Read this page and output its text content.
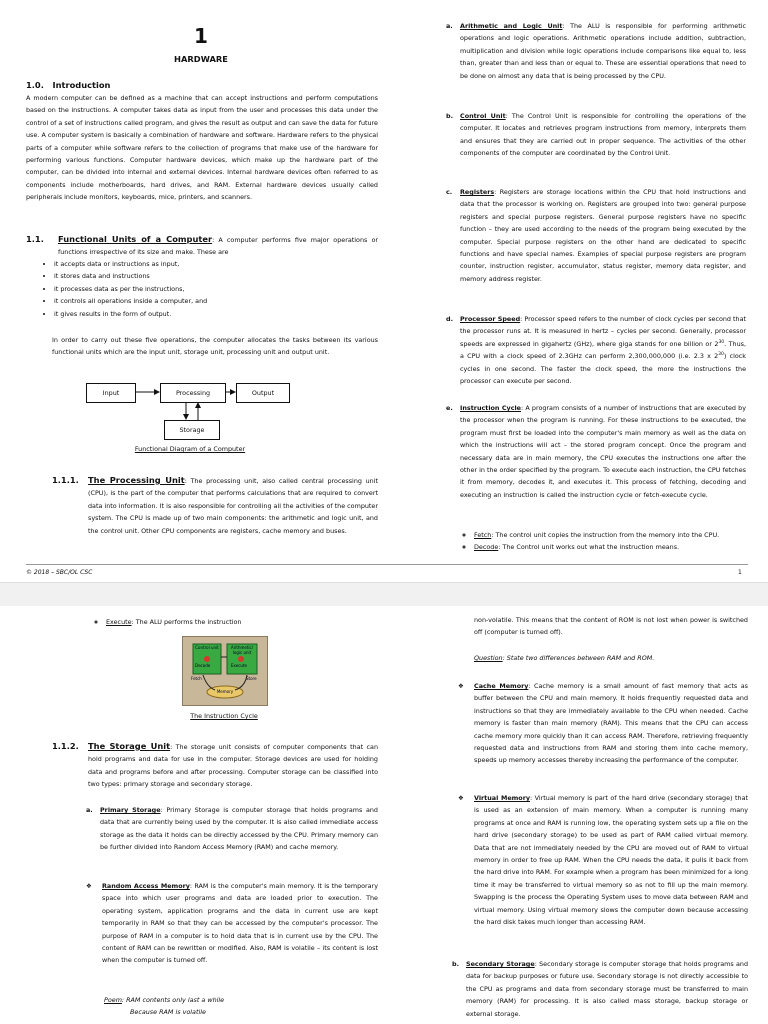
1
HARDWARE
1.0. Introduction
A modern computer can be defined as a machine that can accept instructions and perform computations based on the instructions. A computer takes data as input from the user and processes this data under the control of a set of instructions called program, and gives the result as output and can save the data for future use. A computer system is basically a combination of hardware and software. Hardware refers to the physical parts of a computer while software refers to the collection of programs that make use of the hardware for performing various functions. Computer hardware devices, which make up the hardware part of the computer, can be divided into internal and external devices. Internal hardware devices often referred to as components include motherboards, hard drives, and RAM. External hardware devices usually called peripherals include monitors, keyboards, mice, printers, and scanners.
1.1.	Functional Units of a Computer: A computer performs five major operations or functions irrespective of its size and make. These are
• it accepts data or instructions as input,
• it stores data and instructions
• it processes data as per the instructions,
• it controls all operations inside a computer, and
• it gives results in the form of output.
In order to carry out these five operations, the computer allocates the tasks between its various functional units which are the input unit, storage unit, processing unit and output unit.
Input	Processing	Output
Storage
Functional Diagram of a Computer
1.1.1.	The Processing Unit: The processing unit, also called central processing unit (CPU), is the part of the computer that performs calculations that are required to convert data into information. It is also responsible for controlling all the activities of the computer system. The CPU is made up of two main components: the arithmetic and logic unit, and the control unit. Other CPU components are registers, cache memory and buses.
a.	Arithmetic and Logic Unit: The ALU is responsible for performing arithmetic operations and logic operations. Arithmetic operations include addition, subtraction, multiplication and division while logic operations include comparisons like equal to, less than, greater than and less than or equal to. These are essential operations that need to be done on almost any data that is being processed by the CPU.
b.	Control Unit: The Control Unit is responsible for controlling the operations of the computer. It locates and retrieves program instructions from memory, interprets them and ensures that they are carried out in proper sequence. The activities of the other components of the computer are coordinated by the Control Unit.
c.	Registers: Registers are storage locations within the CPU that hold instructions and data that the processor is working on. Registers are grouped into two: general purpose registers and special purpose registers. General purpose registers have no specific function – they are used according to the needs of the program being executed by the computer. Special purpose registers on the other hand are dedicated to specific functions and have special names. Examples of special purpose registers are program counter, instruction register, accumulator, status register, memory data register, and memory address register.
d.	Processor Speed: Processor speed refers to the number of clock cycles per second that the processor runs at. It is measured in hertz – cycles per second. Generally, processor speeds are expressed in gigahertz (GHz), where giga stands for one billion or $2^{30}$. Thus, a CPU with a clock speed of 2.3GHz can perform 2,300,000,000 (i.e. 2.3 x $2^{30}$) clock cycles in one second. The faster the clock speed, the more the instructions the processor can execute per second.
e.	Instruction Cycle: A program consists of a number of instructions that are executed by the processor when the program is running. For these instructions to be executed, the program must first be loaded into the computer's main memory as well as the data on which the instructions will act – the stored program concept. Once the program and necessary data are in main memory, the CPU executes the instructions one after the other in the order specified by the program. To execute each instruction, the CPU fetches it from memory, decodes it, and executes it. This process of fetching, decoding and executing an instruction is called the instruction cycle or fetch-execute cycle.
◦ Fetch: The control unit copies the instruction from the memory into the CPU.
◦ Decode: The Control unit works out what the instruction means.
© 2018 – SBC/OL CSC	1
◦ Execute: The ALU performs the instruction
Control unit	Arithmetic/ logic unit
Decode	Execute
Fetch	Store
Memory
The Instruction Cycle
1.1.2.	The Storage Unit: The storage unit consists of computer components that can hold programs and data for use in the computer. Storage devices are used for holding data and programs before and after processing. Computer storage can be classified into two types: primary storage and secondary storage.
a.	Primary Storage: Primary Storage is computer storage that holds programs and data that are currently being used by the computer. It is also called immediate access storage as the data it holds can be directly accessed by the CPU. Primary memory can be further divided into Random Access Memory (RAM) and cache memory.
❖	Random Access Memory: RAM is the computer's main memory. It is the temporary space into which user programs and data are loaded prior to execution. The operating system, application programs and the data in current use are kept temporarily in RAM so that they can be accessed by the computer's processor. The purpose of RAM in a computer is to hold data that is in current use by the CPU. The content of RAM can be rewritten or modified. Also, RAM is volatile – its content is lost when the computer is turned off.
Poem: RAM contents only last a while
Because RAM is volatile
non-volatile. This means that the content of ROM is not lost when power is switched off (computer is turned off).
Question: State two differences between RAM and ROM.
❖	Cache Memory: Cache memory is a small amount of fast memory that acts as buffer between the CPU and main memory. It holds frequently requested data and instructions so that they are immediately available to the CPU when needed. Cache memory is faster than main memory (RAM). This means that the CPU can access cache memory more quickly than it can access RAM. Therefore, retrieving frequently requested data and instructions from RAM and storing them into cache memory, speeds up memory accesses thereby increasing the performance of the computer.
❖	Virtual Memory: Virtual memory is part of the hard drive (secondary storage) that is used as an extension of main memory. When a computer is running many programs at once and RAM is running low, the operating system sets up a file on the hard drive (secondary storage) to be used as part of RAM called virtual memory. Data that are not immediately needed by the CPU are moved out of RAM to virtual memory in order to free up RAM. When the CPU needs the data, it pulls it back from the hard drive into RAM. For example when a program has been minimized for a long time it may be transferred to virtual memory so as not to fill up the main memory. Swapping is the process the Operating System uses to move data between RAM and virtual memory. Using virtual memory slows the computer down because accessing the hard disk takes much longer than accessing RAM.
b.	Secondary Storage: Secondary storage is computer storage that holds programs and data for backup purposes or future use. Secondary storage is not directly accessible to the CPU as programs and data from secondary storage must be transferred to main memory (RAM) for processing. It is also called mass storage, backup storage or external storage.
